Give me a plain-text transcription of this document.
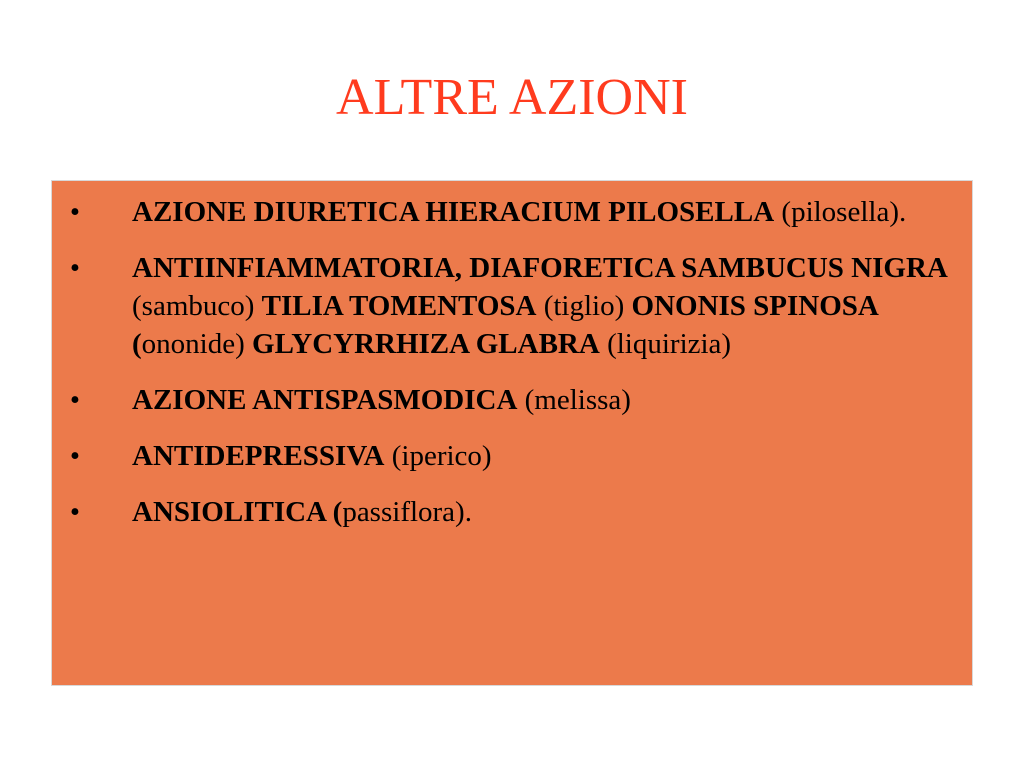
ALTRE AZIONI
• AZIONE DIURETICA HIERACIUM PILOSELLA (pilosella).
• ANTIINFIAMMATORIA, DIAFORETICA SAMBUCUS NIGRA (sambuco) TILIA TOMENTOSA (tiglio) ONONIS SPINOSA (ononide) GLYCYRRHIZA GLABRA (liquirizia)
• AZIONE ANTISPASMODICA (melissa)
• ANTIDEPRESSIVA (iperico)
• ANSIOLITICA (passiflora).
